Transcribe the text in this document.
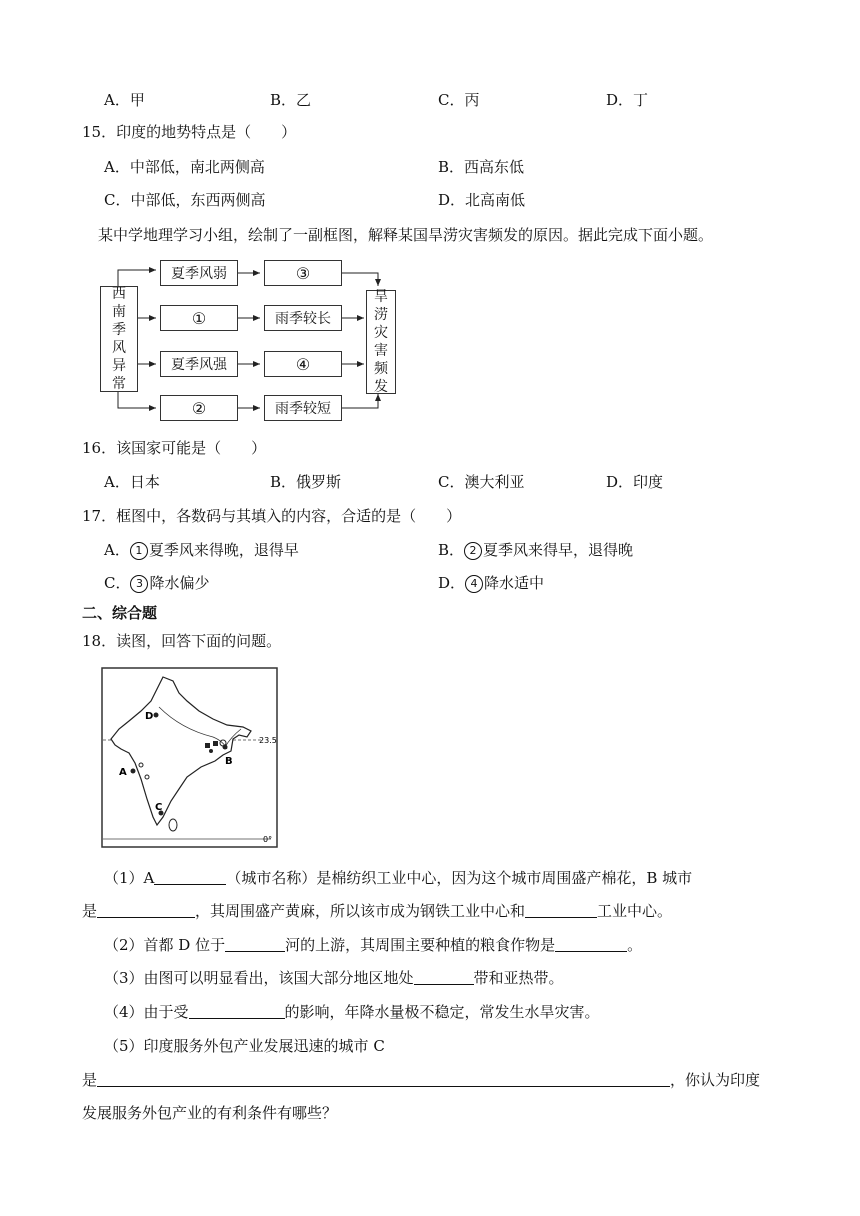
A．甲	B．乙	C．丙	D．丁
15．印度的地势特点是（　　）
A．中部低，南北两侧高	B．西高东低
C．中部低，东西两侧高	D．北高南低
某中学地理学习小组，绘制了一副框图，解释某国旱涝灾害频发的原因。据此完成下面小题。
西
南
季
风
异
常
夏季风弱
①
夏季风强
②
③
雨季较长
④
雨季较短
旱
涝
灾
害
频
发
16．该国家可能是（　　）
A．日本	B．俄罗斯	C．澳大利亚	D．印度
17．框图中，各数码与其填入的内容，合适的是（　　）
A． 1 夏季风来得晚，退得早	B． 2 夏季风来得早，退得晚
C． 3 降水偏少	D． 4 降水适中
二、综合题
18．读图，回答下面的问题。
D
A
B
C
23.5
0°
（1）A	（城市名称）是棉纺织工业中心，因为这个城市周围盛产棉花，B 城市
是	，其周围盛产黄麻，所以该市成为钢铁工业中心和	工业中心。
（2）首都 D 位于	河的上游，其周围主要种植的粮食作物是	。
（3）由图可以明显看出，该国大部分地区地处	带和亚热带。
（4）由于受	的影响，年降水量极不稳定，常发生水旱灾害。
（5）印度服务外包产业发展迅速的城市 C
是	，你认为印度
发展服务外包产业的有利条件有哪些？
